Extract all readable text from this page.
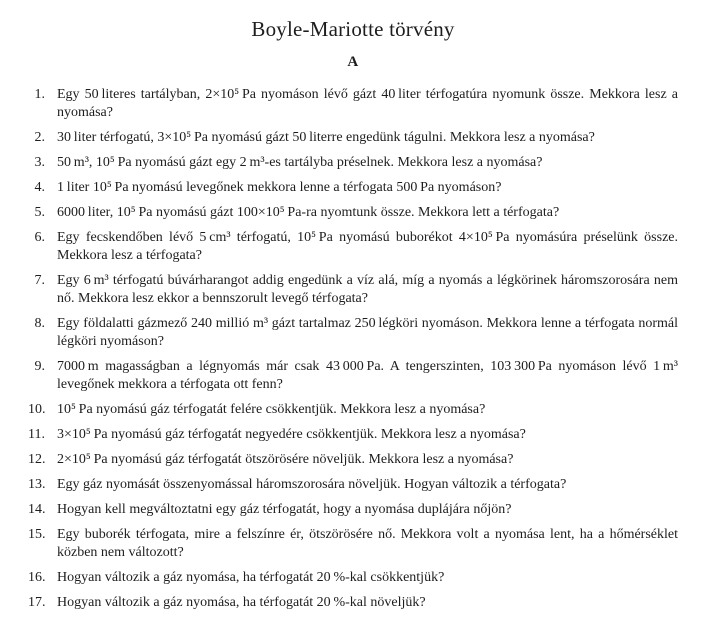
Boyle-Mariotte törvény
A
1. Egy 50 literes tartályban, 2×10⁵ Pa nyomáson lévő gázt 40 liter térfogatúra nyomunk össze. Mekkora lesz a nyomása?
2. 30 liter térfogatú, 3×10⁵ Pa nyomású gázt 50 literre engedünk tágulni. Mekkora lesz a nyomása?
3. 50 m³, 10⁵ Pa nyomású gázt egy 2 m³-es tartályba préselnek. Mekkora lesz a nyomása?
4. 1 liter 10⁵ Pa nyomású levegőnek mekkora lenne a térfogata 500 Pa nyomáson?
5. 6000 liter, 10⁵ Pa nyomású gázt 100×10⁵ Pa-ra nyomtunk össze. Mekkora lett a térfogata?
6. Egy fecskendőben lévő 5 cm³ térfogatú, 10⁵ Pa nyomású buborékot 4×10⁵ Pa nyomásúra préselünk össze. Mekkora lesz a térfogata?
7. Egy 6 m³ térfogatú búvárharangot addig engedünk a víz alá, míg a nyomás a légkörinek háromszorosára nem nő. Mekkora lesz ekkor a bennszorult levegő térfogata?
8. Egy földalatti gázmező 240 millió m³ gázt tartalmaz 250 légköri nyomáson. Mekkora lenne a térfogata normál légköri nyomáson?
9. 7000 m magasságban a légnyomás már csak 43 000 Pa. A tengerszinten, 103 300 Pa nyomáson lévő 1 m³ levegőnek mekkora a térfogata ott fenn?
10. 10⁵ Pa nyomású gáz térfogatát felére csökkentjük. Mekkora lesz a nyomása?
11. 3×10⁵ Pa nyomású gáz térfogatát negyedére csökkentjük. Mekkora lesz a nyomása?
12. 2×10⁵ Pa nyomású gáz térfogatát ötszörösére növeljük. Mekkora lesz a nyomása?
13. Egy gáz nyomását összenyomással háromszorosára növeljük. Hogyan változik a térfogata?
14. Hogyan kell megváltoztatni egy gáz térfogatát, hogy a nyomása duplájára nőjön?
15. Egy buborék térfogata, mire a felszínre ér, ötszörösére nő. Mekkora volt a nyomása lent, ha a hőmérséklet közben nem változott?
16. Hogyan változik a gáz nyomása, ha térfogatát 20 %-kal csökkentjük?
17. Hogyan változik a gáz nyomása, ha térfogatát 20 %-kal növeljük?
